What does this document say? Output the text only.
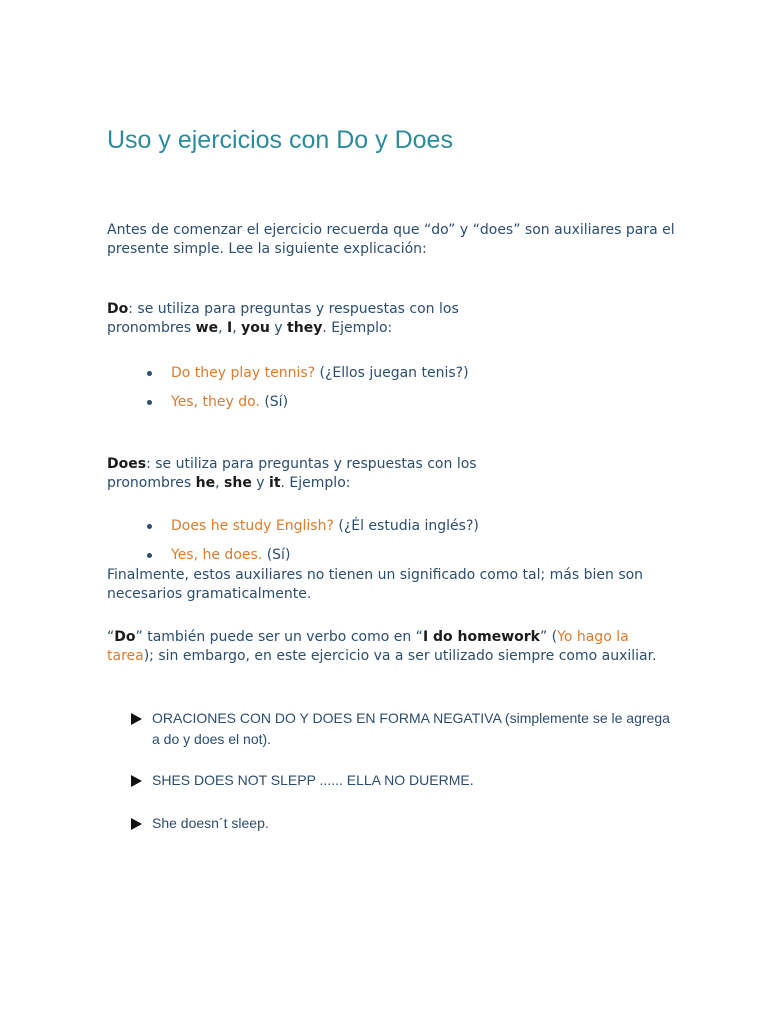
Uso y ejercicios con Do y Does

Antes de comenzar el ejercicio recuerda que “do” y “does” son auxiliares para el presente simple. Lee la siguiente explicación:

Do: se utiliza para preguntas y respuestas con los pronombres we, I, you y they. Ejemplo:

Do they play tennis? (¿Ellos juegan tenis?)
Yes, they do. (Sí)

Does: se utiliza para preguntas y respuestas con los pronombres he, she y it. Ejemplo:

Does he study English? (¿Él estudia inglés?)
Yes, he does. (Sí)

Finalmente, estos auxiliares no tienen un significado como tal; más bien son necesarios gramaticalmente.

“Do” también puede ser un verbo como en “I do homework” (Yo hago la tarea); sin embargo, en este ejercicio va a ser utilizado siempre como auxiliar.

ORACIONES CON DO Y DOES EN FORMA NEGATIVA (simplemente se le agrega a do y does el not).
SHES DOES NOT SLEPP ...... ELLA NO DUERME.
She doesn´t sleep.
